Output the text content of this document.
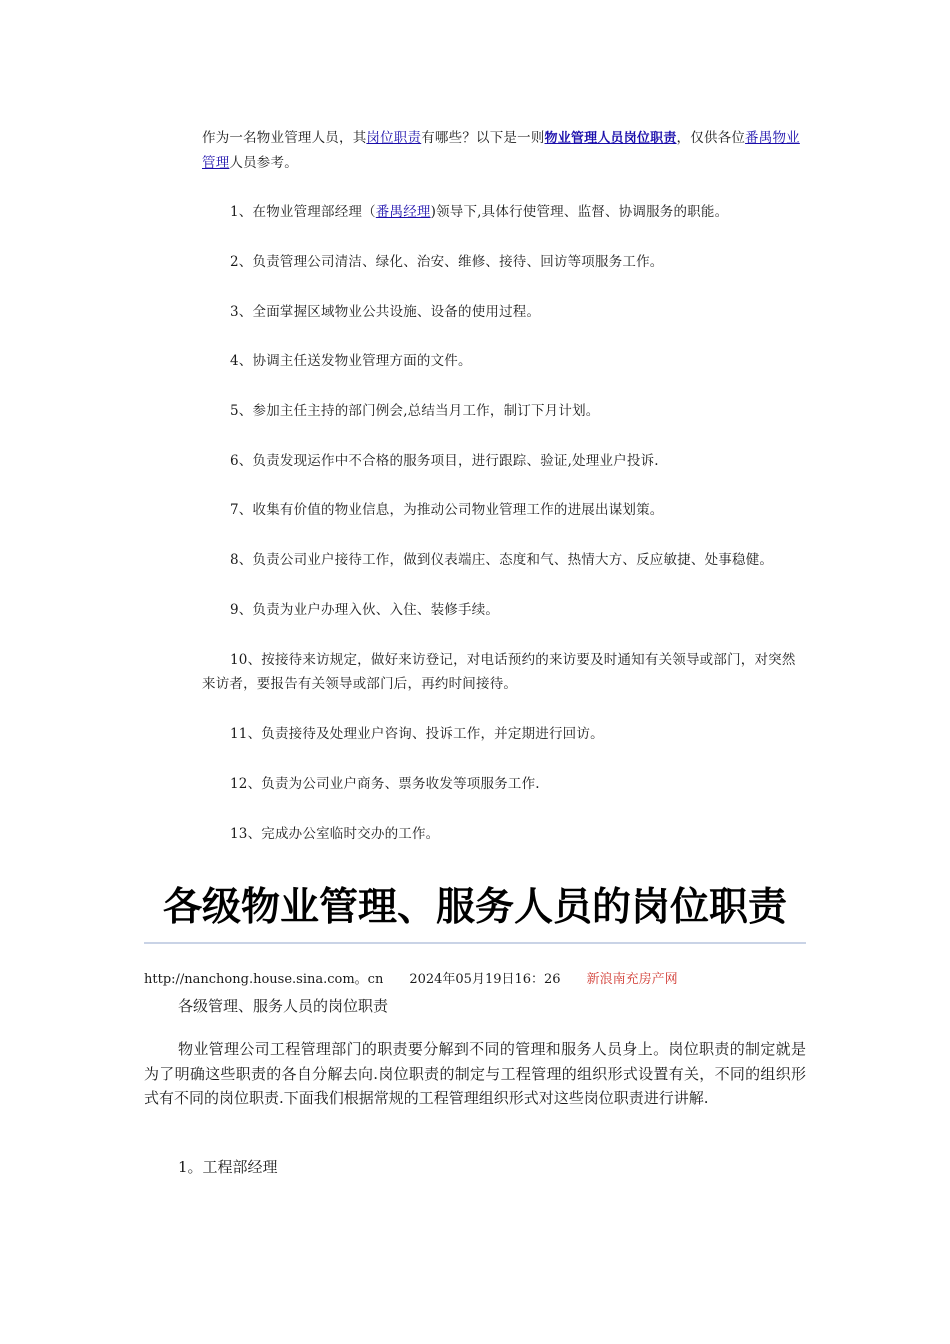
作为一名物业管理人员，其岗位职责有哪些？以下是一则物业管理人员岗位职责，仅供各位番禺物业管理人员参考。

1、在物业管理部经理（番禺经理)领导下,具体行使管理、监督、协调服务的职能。

2、负责管理公司清洁、绿化、治安、维修、接待、回访等项服务工作。

3、全面掌握区域物业公共设施、设备的使用过程。

4、协调主任送发物业管理方面的文件。

5、参加主任主持的部门例会,总结当月工作，制订下月计划。

6、负责发现运作中不合格的服务项目，进行跟踪、验证,处理业户投诉.

7、收集有价值的物业信息，为推动公司物业管理工作的进展出谋划策。

8、负责公司业户接待工作，做到仪表端庄、态度和气、热情大方、反应敏捷、处事稳健。

9、负责为业户办理入伙、入住、装修手续。

10、按接待来访规定，做好来访登记，对电话预约的来访要及时通知有关领导或部门，对突然来访者，要报告有关领导或部门后，再约时间接待。

11、负责接待及处理业户咨询、投诉工作，并定期进行回访。

12、负责为公司业户商务、票务收发等项服务工作.

13、完成办公室临时交办的工作。

各级物业管理、服务人员的岗位职责
http://nanchong.house.sina.com。cn 2024年05月19日16：26 新浪南充房产网
各级管理、服务人员的岗位职责

物业管理公司工程管理部门的职责要分解到不同的管理和服务人员身上。岗位职责的制定就是为了明确这些职责的各自分解去向.岗位职责的制定与工程管理的组织形式设置有关，不同的组织形式有不同的岗位职责.下面我们根据常规的工程管理组织形式对这些岗位职责进行讲解.

1。工程部经理
